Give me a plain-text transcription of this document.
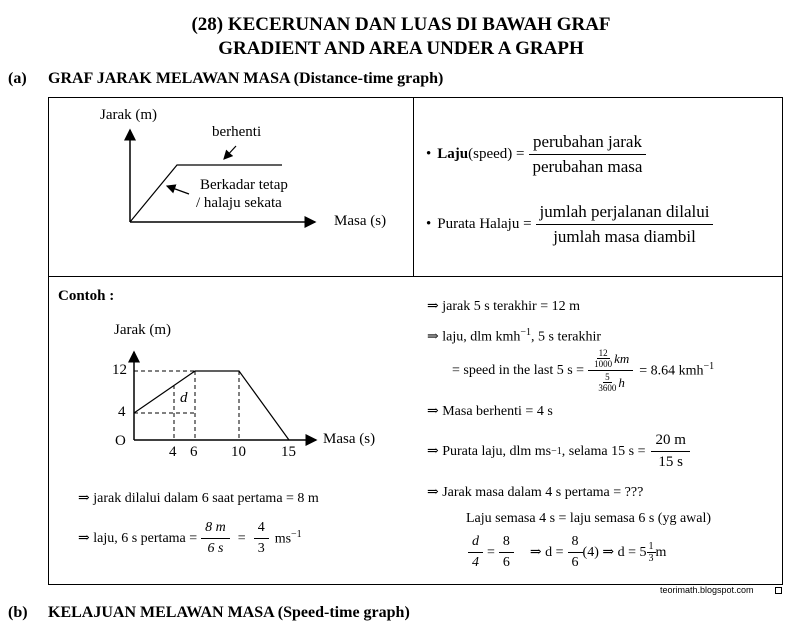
(28) KECERUNAN DAN LUAS DI BAWAH GRAF
GRADIENT AND AREA UNDER A GRAPH
(a) GRAF JARAK MELAWAN MASA (Distance-time graph)
Jarak (m)
Masa (s)
berhenti
Berkadar tetap
/ halaju sekata
• Laju (speed) = $\frac{\text{perubahan jarak}}{\text{perubahan masa}}$
• Purata Halaju = $\frac{\text{jumlah perjalanan dilalui}}{\text{jumlah masa diambil}}$
Contoh :
Jarak (m)
Masa (s)
O
12
4
4 6 10 15
d
⇒ jarak dilalui dalam 6 saat pertama = 8 m
⇒ laju, 6 s pertama = $\frac{8 m}{6 s} = \frac{4}{3} ms^{-1}$
⇒ jarak 5 s terakhir = 12 m
⇒ laju, dlm kmh$^{-1}$, 5 s terakhir
= speed in the last 5 $s = \frac{\frac{12}{1000} km}{\frac{5}{3600} h} = 8.64$ kmh$^{-1}$
⇒ Masa berhenti = 4 s
⇒ Purata laju, dlm ms −1 , selama 15 $s = \frac{20 m}{15 s}$
⇒ Jarak masa dalam 4 s pertama = ???
Laju semasa 4 s = laju semasa 6 s (yg awal)
$\frac{d}{4} = \frac{8}{6}$ ⇒ $d = \frac{8}{6} (4)$ ⇒ $d = 5 \frac{1}{3}$ m
teorimath.blogspot.com
(b) KELAJUAN MELAWAN MASA (Speed-time graph)
